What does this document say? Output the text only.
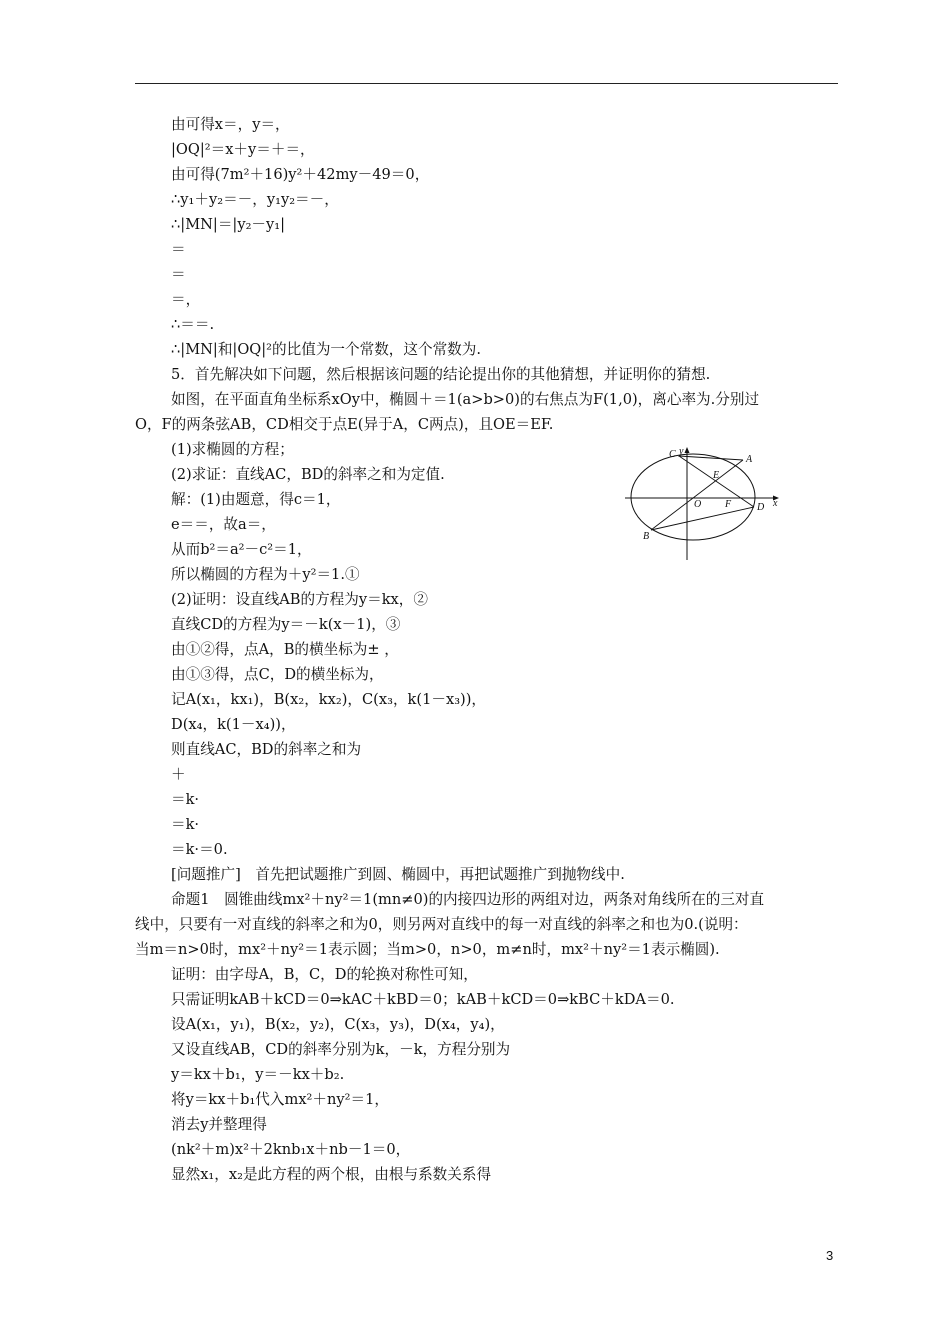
由可得x＝，y＝，
|OQ|²＝x＋y＝＋＝，
由可得(7m²＋16)y²＋42my－49＝0，
∴y₁＋y₂＝－，y₁y₂＝－，
∴|MN|＝|y₂－y₁|
＝
＝
＝，
∴＝＝.
∴|MN|和|OQ|²的比值为一个常数，这个常数为.
5．首先解决如下问题，然后根据该问题的结论提出你的其他猜想，并证明你的猜想.
如图，在平面直角坐标系xOy中，椭圆＋＝1(a>b>0)的右焦点为F(1,0)，离心率为.分别过
O，F的两条弦AB，CD相交于点E(异于A，C两点)，且OE＝EF.
(1)求椭圆的方程；
(2)求证：直线AC，BD的斜率之和为定值.
解：(1)由题意，得c＝1，
e＝＝，故a＝，
从而b²＝a²－c²＝1，
所以椭圆的方程为＋y²＝1.①
(2)证明：设直线AB的方程为y＝kx，②
直线CD的方程为y＝－k(x－1)，③
由①②得，点A，B的横坐标为± ，
由①③得，点C，D的横坐标为，
记A(x₁，kx₁)，B(x₂，kx₂)，C(x₃，k(1－x₃))，
D(x₄，k(1－x₄))，
则直线AC，BD的斜率之和为
＋
＝k·
＝k·
＝k·＝0.
[问题推广]　首先把试题推广到圆、椭圆中，再把试题推广到抛物线中.
命题1　圆锥曲线mx²＋ny²＝1(mn≠0)的内接四边形的两组对边，两条对角线所在的三对直
线中，只要有一对直线的斜率之和为0，则另两对直线中的每一对直线的斜率之和也为0.(说明：
当m＝n>0时，mx²＋ny²＝1表示圆；当m>0，n>0，m≠n时，mx²＋ny²＝1表示椭圆).
证明：由字母A，B，C，D的轮换对称性可知，
只需证明kAB＋kCD＝0⇒kAC＋kBD＝0；kAB＋kCD＝0⇒kBC＋kDA＝0.
设A(x₁，y₁)，B(x₂，y₂)，C(x₃，y₃)，D(x₄，y₄)，
又设直线AB，CD的斜率分别为k，－k，方程分别为
y＝kx＋b₁，y＝－kx＋b₂.
将y＝kx＋b₁代入mx²＋ny²＝1，
消去y并整理得
(nk²＋m)x²＋2knb₁x＋nb－1＝0，
显然x₁，x₂是此方程的两个根，由根与系数关系得
y
x
C	A
E
O F	D
B
3
